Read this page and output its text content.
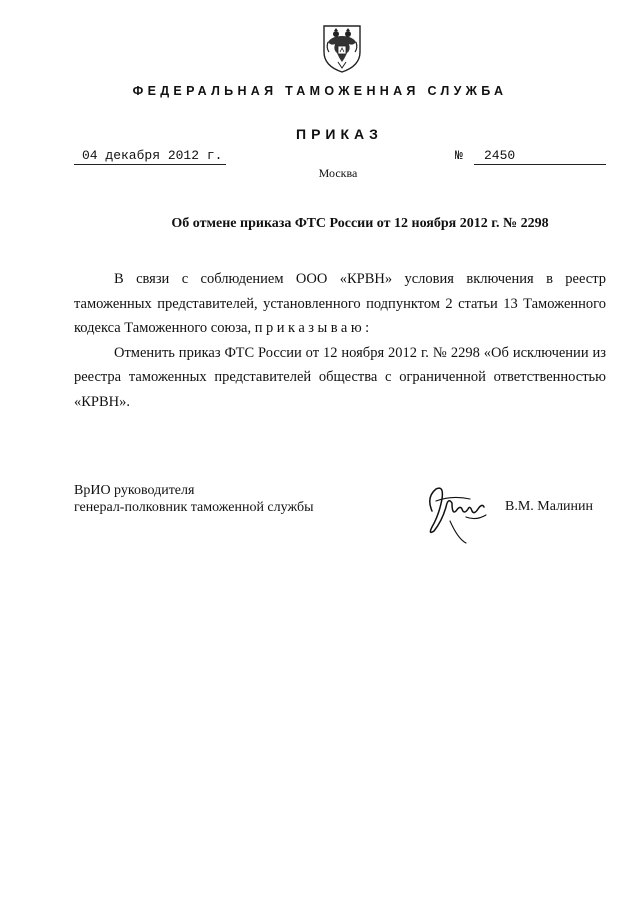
ФЕДЕРАЛЬНАЯ ТАМОЖЕННАЯ СЛУЖБА
ПРИКАЗ
04 декабря 2012 г.	№	2450
Москва
Об отмене приказа ФТС России от 12 ноября 2012 г. № 2298

В связи с соблюдением ООО «КРВН» условия включения в реестр таможенных представителей, установленного подпунктом 2 статьи 13 Таможенного кодекса Таможенного союза, приказываю:

Отменить приказ ФТС России от 12 ноября 2012 г. № 2298 «Об исключении из реестра таможенных представителей общества с ограниченной ответственностью «КРВН».

ВрИО руководителя
генерал-полковник таможенной службы	В.М. Малинин
